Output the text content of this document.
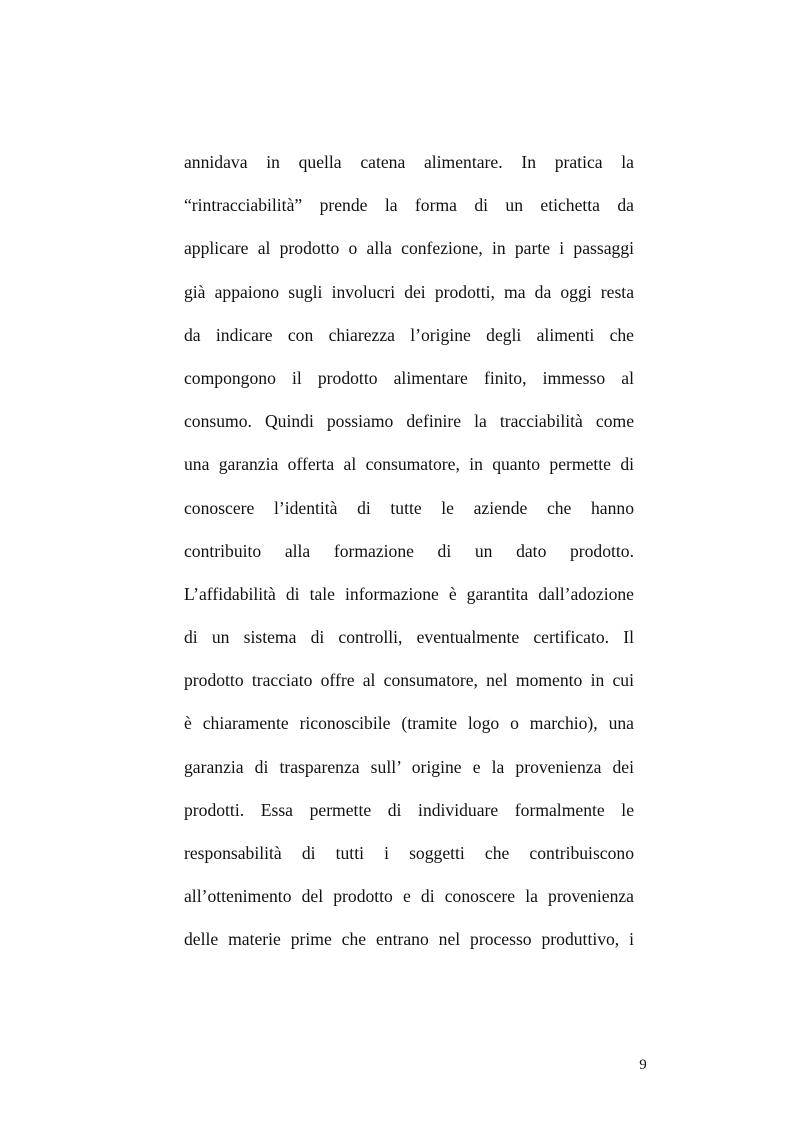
annidava in quella catena alimentare. In pratica la
“rintracciabilità” prende la forma di un etichetta da
applicare al prodotto o alla confezione, in parte i passaggi
già appaiono sugli involucri dei prodotti, ma da oggi resta
da indicare con chiarezza l’origine degli alimenti che
compongono il prodotto alimentare finito, immesso al
consumo. Quindi possiamo definire la tracciabilità come
una garanzia offerta al consumatore, in quanto permette di
conoscere l’identità di tutte le aziende che hanno
contribuito alla formazione di un dato prodotto.
L’affidabilità di tale informazione è garantita dall’adozione
di un sistema di controlli, eventualmente certificato. Il
prodotto tracciato offre al consumatore, nel momento in cui
è chiaramente riconoscibile (tramite logo o marchio), una
garanzia di trasparenza sull’ origine e la provenienza dei
prodotti. Essa permette di individuare formalmente le
responsabilità di tutti i soggetti che contribuiscono
all’ottenimento del prodotto e di conoscere la provenienza
delle materie prime che entrano nel processo produttivo, i
9
